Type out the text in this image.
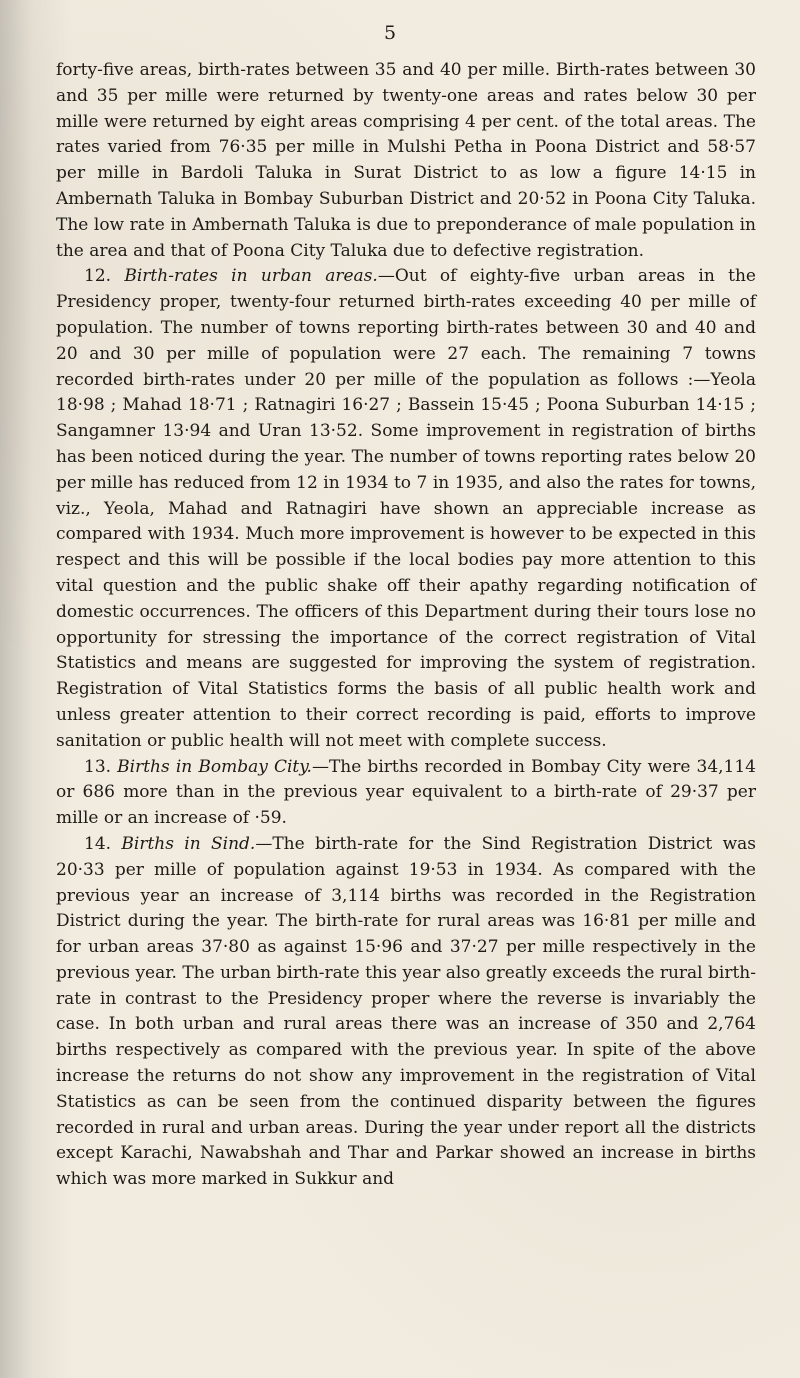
5

forty-five areas, birth-rates between 35 and 40 per mille. Birth-rates between 30 and 35 per mille were returned by twenty-one areas and rates below 30 per mille were returned by eight areas comprising 4 per cent. of the total areas. The rates varied from 76·35 per mille in Mulshi Petha in Poona District and 58·57 per mille in Bardoli Taluka in Surat District to as low a figure 14·15 in Ambernath Taluka in Bombay Suburban District and 20·52 in Poona City Taluka. The low rate in Ambernath Taluka is due to preponderance of male population in the area and that of Poona City Taluka due to defective registration.

12. Birth-rates in urban areas.—Out of eighty-five urban areas in the Presidency proper, twenty-four returned birth-rates exceeding 40 per mille of population. The number of towns reporting birth-rates between 30 and 40 and 20 and 30 per mille of population were 27 each. The remaining 7 towns recorded birth-rates under 20 per mille of the population as follows :—Yeola 18·98 ; Mahad 18·71 ; Ratnagiri 16·27 ; Bassein 15·45 ; Poona Suburban 14·15 ; Sangamner 13·94 and Uran 13·52. Some improvement in registration of births has been noticed during the year. The number of towns reporting rates below 20 per mille has reduced from 12 in 1934 to 7 in 1935, and also the rates for towns, viz., Yeola, Mahad and Ratnagiri have shown an appreciable increase as compared with 1934. Much more improvement is however to be expected in this respect and this will be possible if the local bodies pay more attention to this vital question and the public shake off their apathy regarding notification of domestic occurrences. The officers of this Department during their tours lose no opportunity for stressing the importance of the correct registration of Vital Statistics and means are suggested for improving the system of registration. Registration of Vital Statistics forms the basis of all public health work and unless greater attention to their correct recording is paid, efforts to improve sanitation or public health will not meet with complete success.

13. Births in Bombay City.—The births recorded in Bombay City were 34,114 or 686 more than in the previous year equivalent to a birth-rate of 29·37 per mille or an increase of ·59.

14. Births in Sind.—The birth-rate for the Sind Registration District was 20·33 per mille of population against 19·53 in 1934. As compared with the previous year an increase of 3,114 births was recorded in the Registration District during the year. The birth-rate for rural areas was 16·81 per mille and for urban areas 37·80 as against 15·96 and 37·27 per mille respectively in the previous year. The urban birth-rate this year also greatly exceeds the rural birth-rate in contrast to the Presidency proper where the reverse is invariably the case. In both urban and rural areas there was an increase of 350 and 2,764 births respectively as compared with the previous year. In spite of the above increase the returns do not show any improvement in the registration of Vital Statistics as can be seen from the continued disparity between the figures recorded in rural and urban areas. During the year under report all the districts except Karachi, Nawabshah and Thar and Parkar showed an increase in births which was more marked in Sukkur and
